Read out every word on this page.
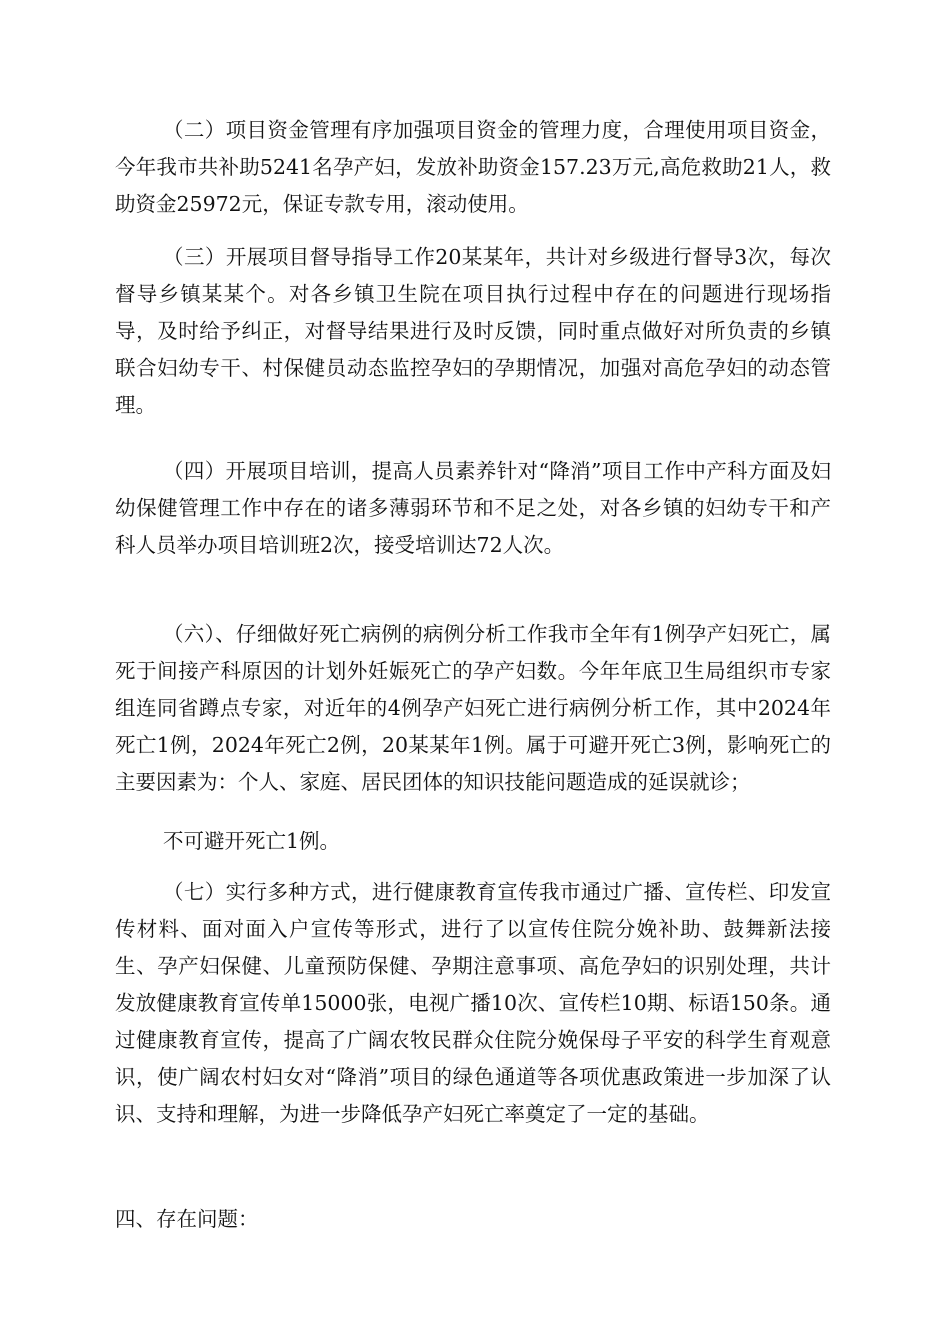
（二）项目资金管理有序加强项目资金的管理力度，合理使用项目资金，今年我市共补助5241名孕产妇，发放补助资金157.23万元,高危救助21人，救助资金25972元，保证专款专用，滚动使用。

（三）开展项目督导指导工作20某某年，共计对乡级进行督导3次，每次督导乡镇某某个。对各乡镇卫生院在项目执行过程中存在的问题进行现场指导，及时给予纠正，对督导结果进行及时反馈，同时重点做好对所负责的乡镇联合妇幼专干、村保健员动态监控孕妇的孕期情况，加强对高危孕妇的动态管理。

（四）开展项目培训，提高人员素养针对“降消”项目工作中产科方面及妇幼保健管理工作中存在的诸多薄弱环节和不足之处，对各乡镇的妇幼专干和产科人员举办项目培训班2次，接受培训达72人次。

（六）、仔细做好死亡病例的病例分析工作我市全年有1例孕产妇死亡，属死于间接产科原因的计划外妊娠死亡的孕产妇数。今年年底卫生局组织市专家组连同省蹲点专家，对近年的4例孕产妇死亡进行病例分析工作，其中2024年死亡1例，2024年死亡2例，20某某年1例。属于可避开死亡3例，影响死亡的主要因素为：个人、家庭、居民团体的知识技能问题造成的延误就诊；

不可避开死亡1例。

（七）实行多种方式，进行健康教育宣传我市通过广播、宣传栏、印发宣传材料、面对面入户宣传等形式，进行了以宣传住院分娩补助、鼓舞新法接生、孕产妇保健、儿童预防保健、孕期注意事项、高危孕妇的识别处理，共计发放健康教育宣传单15000张，电视广播10次、宣传栏10期、标语150条。通过健康教育宣传，提高了广阔农牧民群众住院分娩保母子平安的科学生育观意识，使广阔农村妇女对“降消”项目的绿色通道等各项优惠政策进一步加深了认识、支持和理解，为进一步降低孕产妇死亡率奠定了一定的基础。

四、存在问题：
